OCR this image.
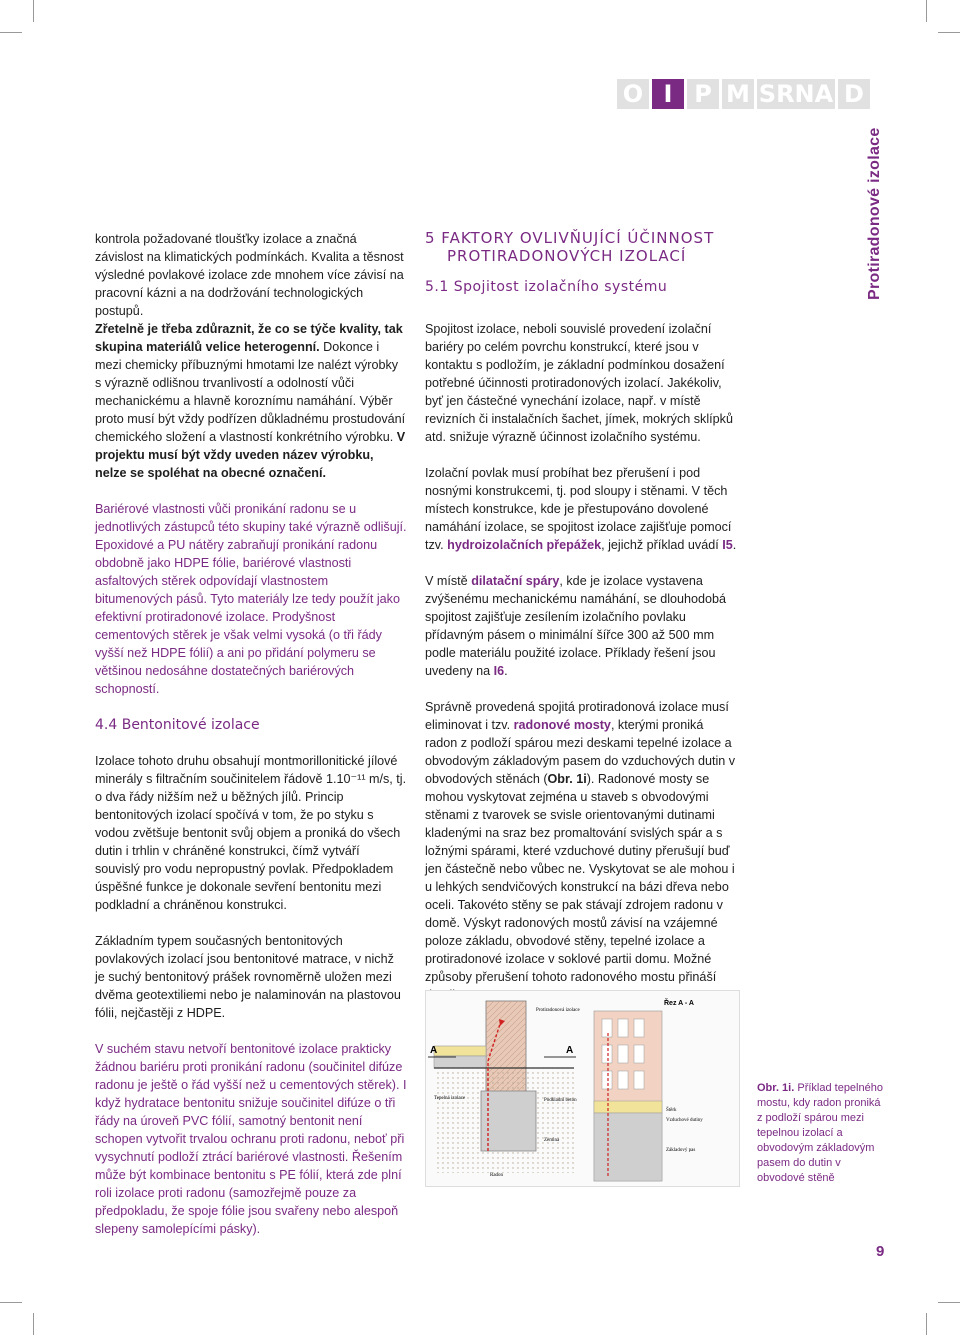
O I P M SRNA D
Protiradonové izolace

kontrola požadované tloušťky izolace a značná závislost na klimatických podmínkách. Kvalita a těsnost výsledné povlakové izolace zde mnohem více závisí na pracovní kázni a na dodržování technologických postupů.

5 FAKTORY OVLIVŇUJÍCÍ ÚČINNOST
PROTIRADONOVÝCH IZOLACÍ
5.1 Spojitost izolačního systému

Zřetelně je třeba zdůraznit, že co se týče kvality, tak skupina materiálů velice heterogenní. Dokonce i mezi chemicky příbuznými hmotami lze nalézt výrobky s výrazně odlišnou trvanlivostí a odolností vůči mechanickému a hlavně koroznímu namáhání. Výběr proto musí být vždy podřízen důkladnému prostudování chemického složení a vlastností konkrétního výrobku. V projektu musí být vždy uveden název výrobku, nelze se spoléhat na obecné označení.

Bariérové vlastnosti vůči pronikání radonu se u jednotlivých zástupců této skupiny také výrazně odlišují. Epoxidové a PU nátěry zabraňují pronikání radonu obdobně jako HDPE fólie, bariérové vlastnosti asfaltových stěrek odpovídají vlastnostem bitumenových pásů. Tyto materiály lze tedy použít jako efektivní protiradonové izolace. Prodyšnost cementových stěrek je však velmi vysoká (o tři řády vyšší než HDPE fólií) a ani po přidání polymeru se většinou nedosáhne dostatečných bariérových schopností.

4.4 Bentonitové izolace

Izolace tohoto druhu obsahují montmorillonitické jílové minerály s filtračním součinitelem řádově 1.10⁻¹¹ m/s, tj. o dva řády nižším než u běžných jílů. Princip bentonitových izolací spočívá v tom, že po styku s vodou zvětšuje bentonit svůj objem a proniká do všech dutin i trhlin v chráněné konstrukci, čímž vytváří souvislý pro vodu nepropustný povlak. Předpokladem úspěšné funkce je dokonale sevření bentonitu mezi podkladní a chráněnou konstrukci.

Základním typem současných bentonitových povlakových izolací jsou bentonitové matrace, v nichž je suchý bentonitový prášek rovnoměrně uložen mezi dvěma geotextiliemi nebo je nalaminován na plastovou fólii, nejčastěji z HDPE.

V suchém stavu netvoří bentonitové izolace prakticky žádnou bariéru proti pronikání radonu (součinitel difúze radonu je ještě o řád vyšší než u cementových stěrek). I když hydratace bentonitu snižuje součinitel difúze o tři řády na úroveň PVC fólií, samotný bentonit není schopen vytvořit trvalou ochranu proti radonu, neboť při vysychnutí podloží ztrácí bariérové vlastnosti. Řešením může být kombinace bentonitu s PE fólií, která zde plní roli izolace proti radonu (samozřejmě pouze za předpokladu, že spoje fólie jsou svařeny nebo alespoň slepeny samolepícími pásky).

Spojitost izolace, neboli souvislé provedení izolační bariéry po celém povrchu konstrukcí, které jsou v kontaktu s podložím, je základní podmínkou dosažení potřebné účinnosti protiradonových izolací. Jakékoliv, byť jen částečné vynechání izolace, např. v místě revizních či instalačních šachet, jímek, mokrých sklípků atd. snižuje výrazně účinnost izolačního systému.

Izolační povlak musí probíhat bez přerušení i pod nosnými konstrukcemi, tj. pod sloupy i stěnami. V těch místech konstrukce, kde je přestupováno dovolené namáhání izolace, se spojitost izolace zajišťuje pomocí tzv. hydroizolačních přepážek, jejichž příklad uvádí I5.

V místě dilatační spáry, kde je izolace vystavena zvýšenému mechanickému namáhání, se dlouhodobá spojitost zajišťuje zesílením izolačního povlaku přídavným pásem o minimální šířce 300 až 500 mm podle materiálu použité izolace. Příklady řešení jsou uvedeny na I6.

Správně provedená spojitá protiradonová izolace musí eliminovat i tzv. radonové mosty, kterými proniká radon z podloží spárou mezi deskami tepelné izolace a obvodovým základovým pasem do vzduchových dutin v obvodových stěnách (Obr. 1i). Radonové mosty se mohou vyskytovat zejména u staveb s obvodovými stěnami z tvarovek se svisle orientovanými dutinami kladenými na sraz bez promaltování svislých spár a s ložnými spárami, které vzduchové dutiny přerušují buď jen částečně nebo vůbec ne. Vyskytovat se ale mohou i u lehkých sendvičových konstrukcí na bázi dřeva nebo oceli. Takovéto stěny se pak stávají zdrojem radonu v domě. Výskyt radonových mostů závisí na vzájemné poloze základu, obvodové stěny, tepelné izolace a protiradonové izolace v soklové partii domu. Možné způsoby přerušení tohoto radonového mostu přináší

A	A
Tepelná izolace
Protiradonová izolace
Podkladní beton
Zemina
Radon
Řez A - A
Štěrk
Vzduchové dutiny
Základový pas
Obr. 1i. Příklad tepelného mostu, kdy radon proniká z podloží spárou mezi tepelnou izolací a obvodovým základovým pasem do dutin v obvodové stěně
9
